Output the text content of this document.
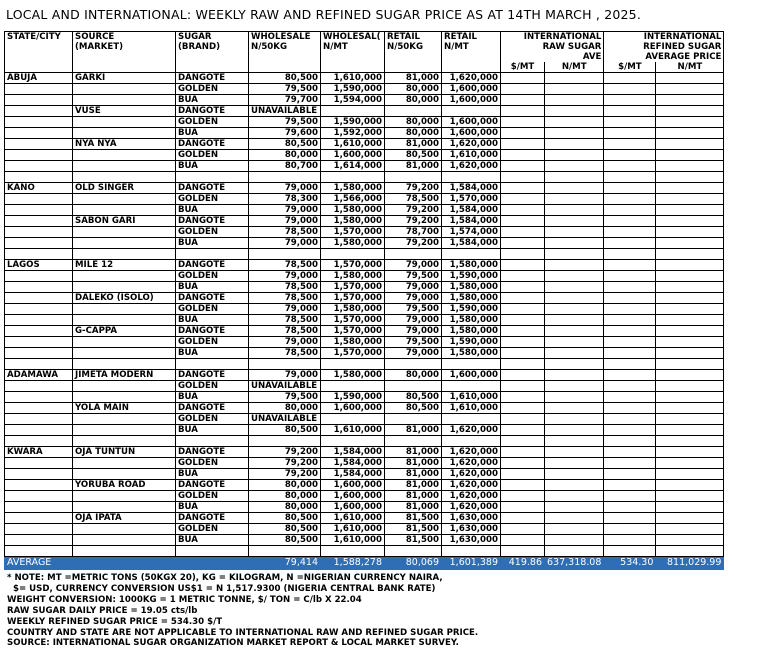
LOCAL AND INTERNATIONAL: WEEKLY RAW AND REFINED SUGAR PRICE AS AT 14TH MARCH , 2025.
STATE/CITY	SOURCE	SUGAR	WHOLESALE	WHOLESAL(	RETAIL	RETAIL	INTERNATIONAL		INTERNATIONAL	
	(MARKET)	(BRAND)	N/50KG	N/MT	N/50KG	N/MT	RAW SUGAR		REFINED SUGAR	
							AVE		AVERAGE PRICE	
							$/MT	N/MT	$/MT	N/MT
ABUJA	GARKI	DANGOTE	80,500	1,610,000	81,000	1,620,000				
		GOLDEN	79,500	1,590,000	80,000	1,600,000				
		BUA	79,700	1,594,000	80,000	1,600,000				
	VUSE	DANGOTE	UNAVAILABLE							
		GOLDEN	79,500	1,590,000	80,000	1,600,000				
		BUA	79,600	1,592,000	80,000	1,600,000				
	NYA NYA	DANGOTE	80,500	1,610,000	81,000	1,620,000				
		GOLDEN	80,000	1,600,000	80,500	1,610,000				
		BUA	80,700	1,614,000	81,000	1,620,000				

KANO	OLD SINGER	DANGOTE	79,000	1,580,000	79,200	1,584,000				
		GOLDEN	78,300	1,566,000	78,500	1,570,000				
		BUA	79,000	1,580,000	79,200	1,584,000				
	SABON GARI	DANGOTE	79,000	1,580,000	79,200	1,584,000				
		GOLDEN	78,500	1,570,000	78,700	1,574,000				
		BUA	79,000	1,580,000	79,200	1,584,000				

LAGOS	MILE 12	DANGOTE	78,500	1,570,000	79,000	1,580,000				
		GOLDEN	79,000	1,580,000	79,500	1,590,000				
		BUA	78,500	1,570,000	79,000	1,580,000				
	DALEKO (ISOLO)	DANGOTE	78,500	1,570,000	79,000	1,580,000				
		GOLDEN	79,000	1,580,000	79,500	1,590,000				
		BUA	78,500	1,570,000	79,000	1,580,000				
	G-CAPPA	DANGOTE	78,500	1,570,000	79,000	1,580,000				
		GOLDEN	79,000	1,580,000	79,500	1,590,000				
		BUA	78,500	1,570,000	79,000	1,580,000				

ADAMAWA	JIMETA MODERN	DANGOTE	79,000	1,580,000	80,000	1,600,000				
		GOLDEN	UNAVAILABLE							
		BUA	79,500	1,590,000	80,500	1,610,000				
	YOLA MAIN	DANGOTE	80,000	1,600,000	80,500	1,610,000				
		GOLDEN	UNAVAILABLE							
		BUA	80,500	1,610,000	81,000	1,620,000				

KWARA	OJA TUNTUN	DANGOTE	79,200	1,584,000	81,000	1,620,000				
		GOLDEN	79,200	1,584,000	81,000	1,620,000				
		BUA	79,200	1,584,000	81,000	1,620,000				
	YORUBA ROAD	DANGOTE	80,000	1,600,000	81,000	1,620,000				
		GOLDEN	80,000	1,600,000	81,000	1,620,000				
		BUA	80,000	1,600,000	81,000	1,620,000				
	OJA IPATA	DANGOTE	80,500	1,610,000	81,500	1,630,000				
		GOLDEN	80,500	1,610,000	81,500	1,630,000				
		BUA	80,500	1,610,000	81,500	1,630,000				

AVERAGE			79,414	1,588,278	80,069	1,601,389	419.86	637,318.08	534.30	811,029.99
* NOTE: MT =METRIC TONS (50KGX 20), KG = KILOGRAM, N =NIGERIAN CURRENCY NAIRA,
$= USD, CURRENCY CONVERSION US$1 = N 1,517.9300 (NIGERIA CENTRAL BANK RATE)
WEIGHT CONVERSION: 1000KG = 1 METRIC TONNE, $/ TON = C/lb X 22.04
RAW SUGAR DAILY PRICE = 19.05 cts/lb
WEEKLY REFINED SUGAR PRICE = 534.30 $/T
COUNTRY AND STATE ARE NOT APPLICABLE TO INTERNATIONAL RAW AND REFINED SUGAR PRICE.
SOURCE: INTERNATIONAL SUGAR ORGANIZATION MARKET REPORT & LOCAL MARKET SURVEY.
